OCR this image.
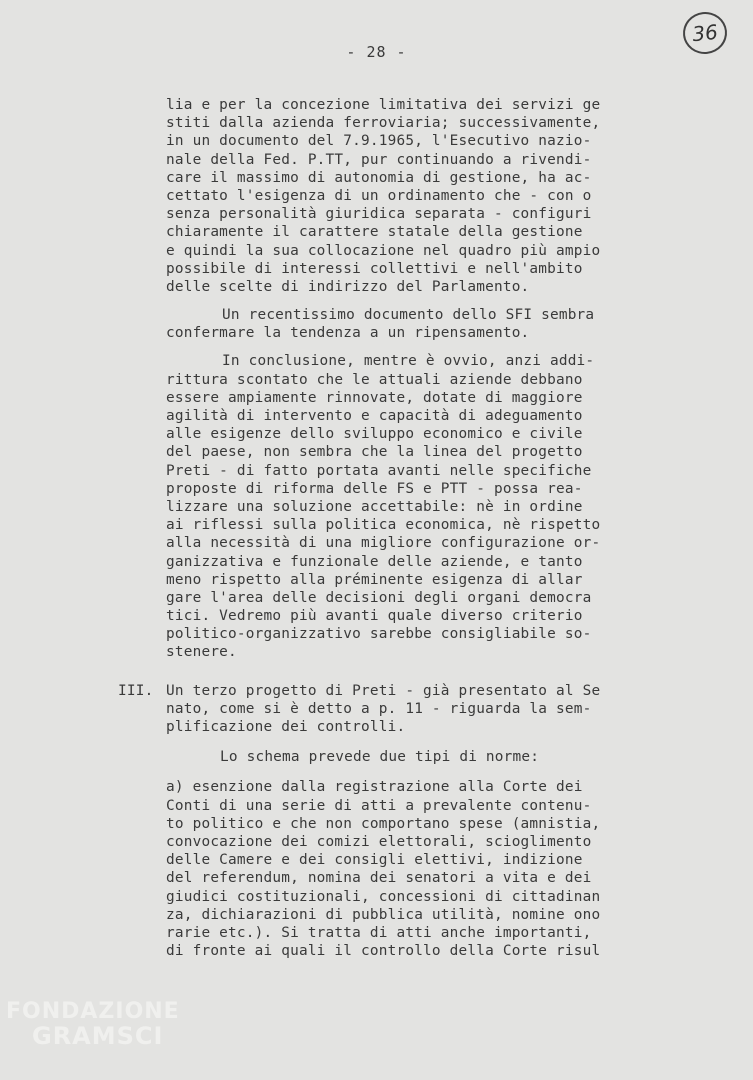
- 28 -
36
lia e per la concezione limitativa dei servizi ge
stiti dalla azienda ferroviaria; successivamente,
in un documento del 7.9.1965, l'Esecutivo nazio-
nale della Fed. P.TT, pur continuando a rivendi-
care il massimo di autonomia di gestione, ha ac-
cettato l'esigenza di un ordinamento che - con o
senza personalità giuridica separata - configuri
chiaramente il carattere statale della gestione
e quindi la sua collocazione nel quadro più ampio
possibile di interessi collettivi e nell'ambito
delle scelte di indirizzo del Parlamento.
Un recentissimo documento dello SFI sembra
confermare la tendenza a un ripensamento.
In conclusione, mentre è ovvio, anzi addi-
rittura scontato che le attuali aziende debbano
essere ampiamente rinnovate, dotate di maggiore
agilità di intervento e capacità di adeguamento
alle esigenze dello sviluppo economico e civile
del paese, non sembra che la linea del progetto
Preti - di fatto portata avanti nelle specifiche
proposte di riforma delle FS e PTT - possa rea-
lizzare una soluzione accettabile: nè in ordine
ai riflessi sulla politica economica, nè rispetto
alla necessità di una migliore configurazione or-
ganizzativa e funzionale delle aziende, e tanto
meno rispetto alla préminente esigenza di allar
gare l'area delle decisioni degli organi democra
tici. Vedremo più avanti quale diverso criterio
politico-organizzativo sarebbe consigliabile so-
stenere.
III. Un terzo progetto di Preti - già presentato al Se
nato, come si è detto a p. 11 - riguarda la sem-
plificazione dei controlli.
Lo schema prevede due tipi di norme:
a) esenzione dalla registrazione alla Corte dei
Conti di una serie di atti a prevalente contenu-
to politico e che non comportano spese (amnistia,
convocazione dei comizi elettorali, scioglimento
delle Camere e dei consigli elettivi, indizione
del referendum, nomina dei senatori a vita e dei
giudici costituzionali, concessioni di cittadinan
za, dichiarazioni di pubblica utilità, nomine ono
rarie etc.). Si tratta di atti anche importanti,
di fronte ai quali il controllo della Corte risul
FONDAZIONE
GRAMSCI
